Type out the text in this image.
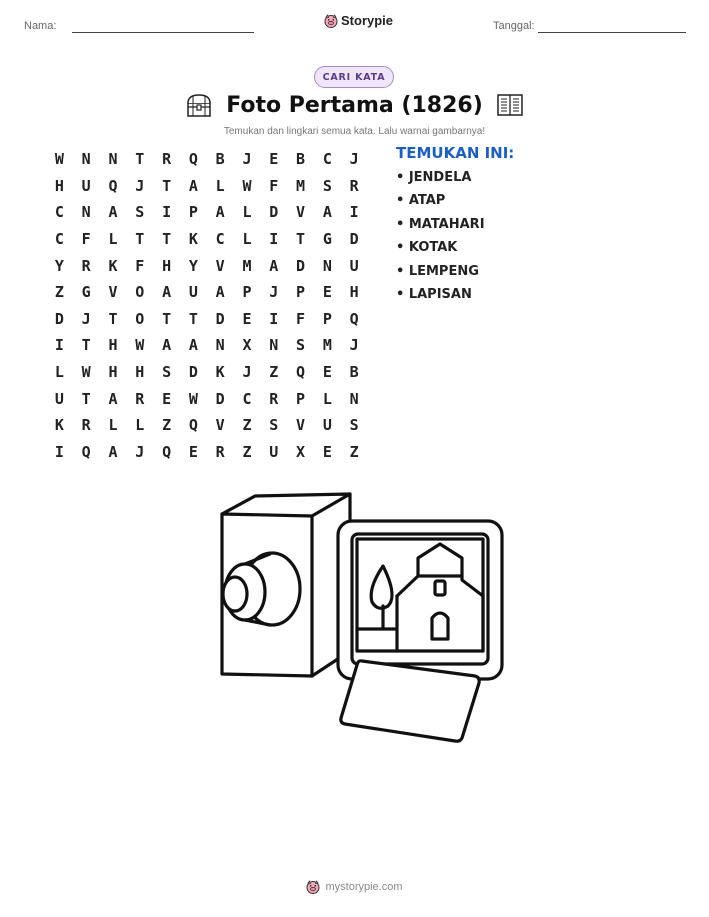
Nama:	Storypie	Tanggal:
CARI KATA
Foto Pertama (1826)
Temukan dan lingkari semua kata. Lalu warnai gambarnya!
W	N	N	T	R	Q	B	J	E	B	C	J
H	U	Q	J	T	A	L	W	F	M	S	R
C	N	A	S	I	P	A	L	D	V	A	I
C	F	L	T	T	K	C	L	I	T	G	D
Y	R	K	F	H	Y	V	M	A	D	N	U
Z	G	V	O	A	U	A	P	J	P	E	H
D	J	T	O	T	T	D	E	I	F	P	Q
I	T	H	W	A	A	N	X	N	S	M	J
L	W	H	H	S	D	K	J	Z	Q	E	B
U	T	A	R	E	W	D	C	R	P	L	N
K	R	L	L	Z	Q	V	Z	S	V	U	S
I	Q	A	J	Q	E	R	Z	U	X	E	Z
TEMUKAN INI:
• JENDELA
• ATAP
• MATAHARI
• KOTAK
• LEMPENG
• LAPISAN
mystorypie.com
